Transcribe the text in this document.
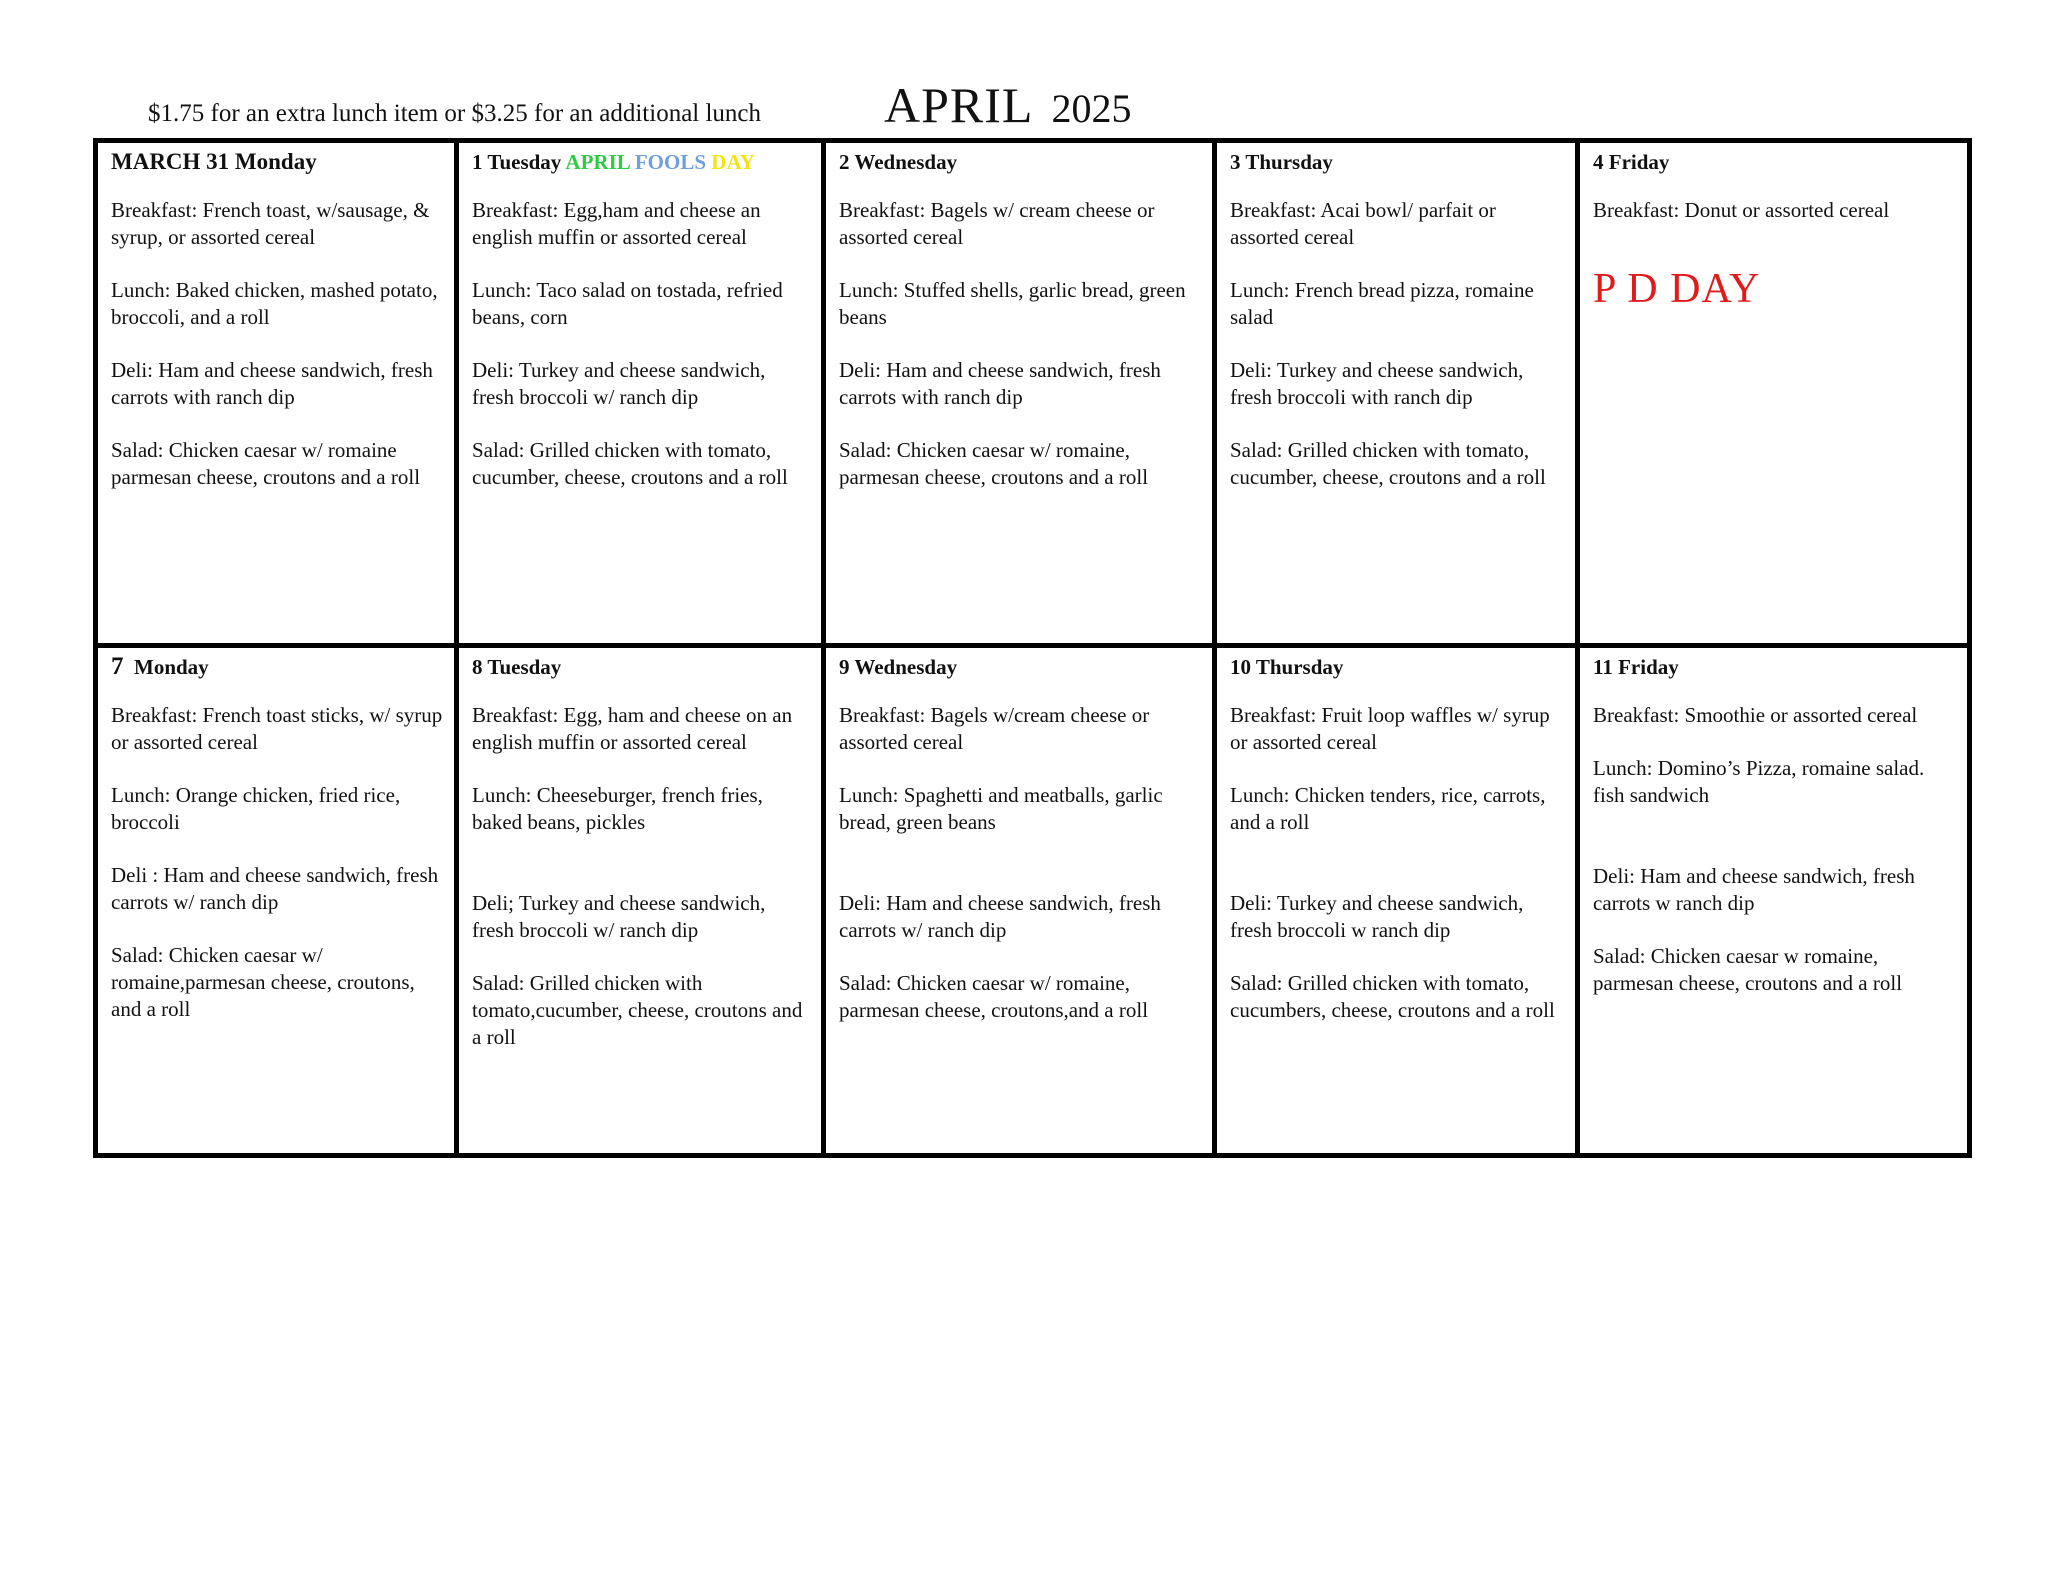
$1.75 for an extra lunch item or $3.25 for an additional lunch APRIL 2025
MARCH 31 Monday
Breakfast: French toast, w/sausage, & syrup, or assorted cereal
Lunch: Baked chicken, mashed potato, broccoli, and a roll
Deli: Ham and cheese sandwich, fresh carrots with ranch dip
Salad: Chicken caesar w/ romaine parmesan cheese, croutons and a roll
1 Tuesday APRIL FOOLS DAY
Breakfast: Egg,ham and cheese an english muffin or assorted cereal
Lunch: Taco salad on tostada, refried beans, corn
Deli: Turkey and cheese sandwich, fresh broccoli w/ ranch dip
Salad: Grilled chicken with tomato, cucumber, cheese, croutons and a roll
2 Wednesday
Breakfast: Bagels w/ cream cheese or assorted cereal
Lunch: Stuffed shells, garlic bread, green beans
Deli: Ham and cheese sandwich, fresh carrots with ranch dip
Salad: Chicken caesar w/ romaine, parmesan cheese, croutons and a roll
3 Thursday
Breakfast: Acai bowl/ parfait or assorted cereal
Lunch: French bread pizza, romaine salad
Deli: Turkey and cheese sandwich, fresh broccoli with ranch dip
Salad: Grilled chicken with tomato, cucumber, cheese, croutons and a roll
4 Friday
Breakfast: Donut or assorted cereal
P D DAY
7 Monday
Breakfast: French toast sticks, w/ syrup or assorted cereal
Lunch: Orange chicken, fried rice, broccoli
Deli : Ham and cheese sandwich, fresh carrots w/ ranch dip
Salad: Chicken caesar w/ romaine,parmesan cheese, croutons, and a roll
8 Tuesday
Breakfast: Egg, ham and cheese on an english muffin or assorted cereal
Lunch: Cheeseburger, french fries, baked beans, pickles
Deli; Turkey and cheese sandwich, fresh broccoli w/ ranch dip
Salad: Grilled chicken with tomato,cucumber, cheese, croutons and a roll
9 Wednesday
Breakfast: Bagels w/cream cheese or assorted cereal
Lunch: Spaghetti and meatballs, garlic bread, green beans
Deli: Ham and cheese sandwich, fresh carrots w/ ranch dip
Salad: Chicken caesar w/ romaine, parmesan cheese, croutons,and a roll
10 Thursday
Breakfast: Fruit loop waffles w/ syrup or assorted cereal
Lunch: Chicken tenders, rice, carrots, and a roll
Deli: Turkey and cheese sandwich, fresh broccoli w ranch dip
Salad: Grilled chicken with tomato, cucumbers, cheese, croutons and a roll
11 Friday
Breakfast: Smoothie or assorted cereal
Lunch: Domino’s Pizza, romaine salad. fish sandwich
Deli: Ham and cheese sandwich, fresh carrots w ranch dip
Salad: Chicken caesar w romaine, parmesan cheese, croutons and a roll
